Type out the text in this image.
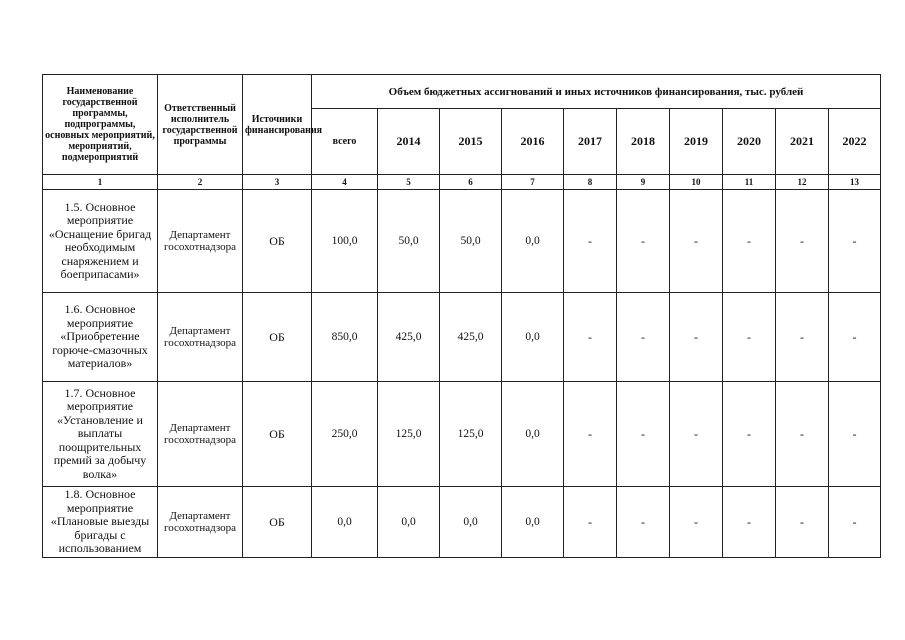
Наименование государственной программы, подпрограммы, основных мероприятий, мероприятий, подмероприятий	Ответственный исполнитель государственной программы	Источники финансирования	Объем бюджетных ассигнований и иных источников финансирования, тыс. рублей									
			всего	2014	2015	2016	2017	2018	2019	2020	2021	2022
1	2	3	4	5	6	7	8	9	10	11	12	13
1.5. Основное мероприятие «Оснащение бригад необходимым снаряжением и боеприпасами»	Департамент госохотнадзора	ОБ	100,0	50,0	50,0	0,0	-	-	-	-	-	-
1.6. Основное мероприятие «Приобретение горюче-смазочных материалов»	Департамент госохотнадзора	ОБ	850,0	425,0	425,0	0,0	-	-	-	-	-	-
1.7. Основное мероприятие «Установление и выплаты поощрительных премий за добычу волка»	Департамент госохотнадзора	ОБ	250,0	125,0	125,0	0,0	-	-	-	-	-	-
1.8. Основное мероприятие «Плановые выезды бригады с использованием	Департамент госохотнадзора	ОБ	0,0	0,0	0,0	0,0	-	-	-	-	-	-
